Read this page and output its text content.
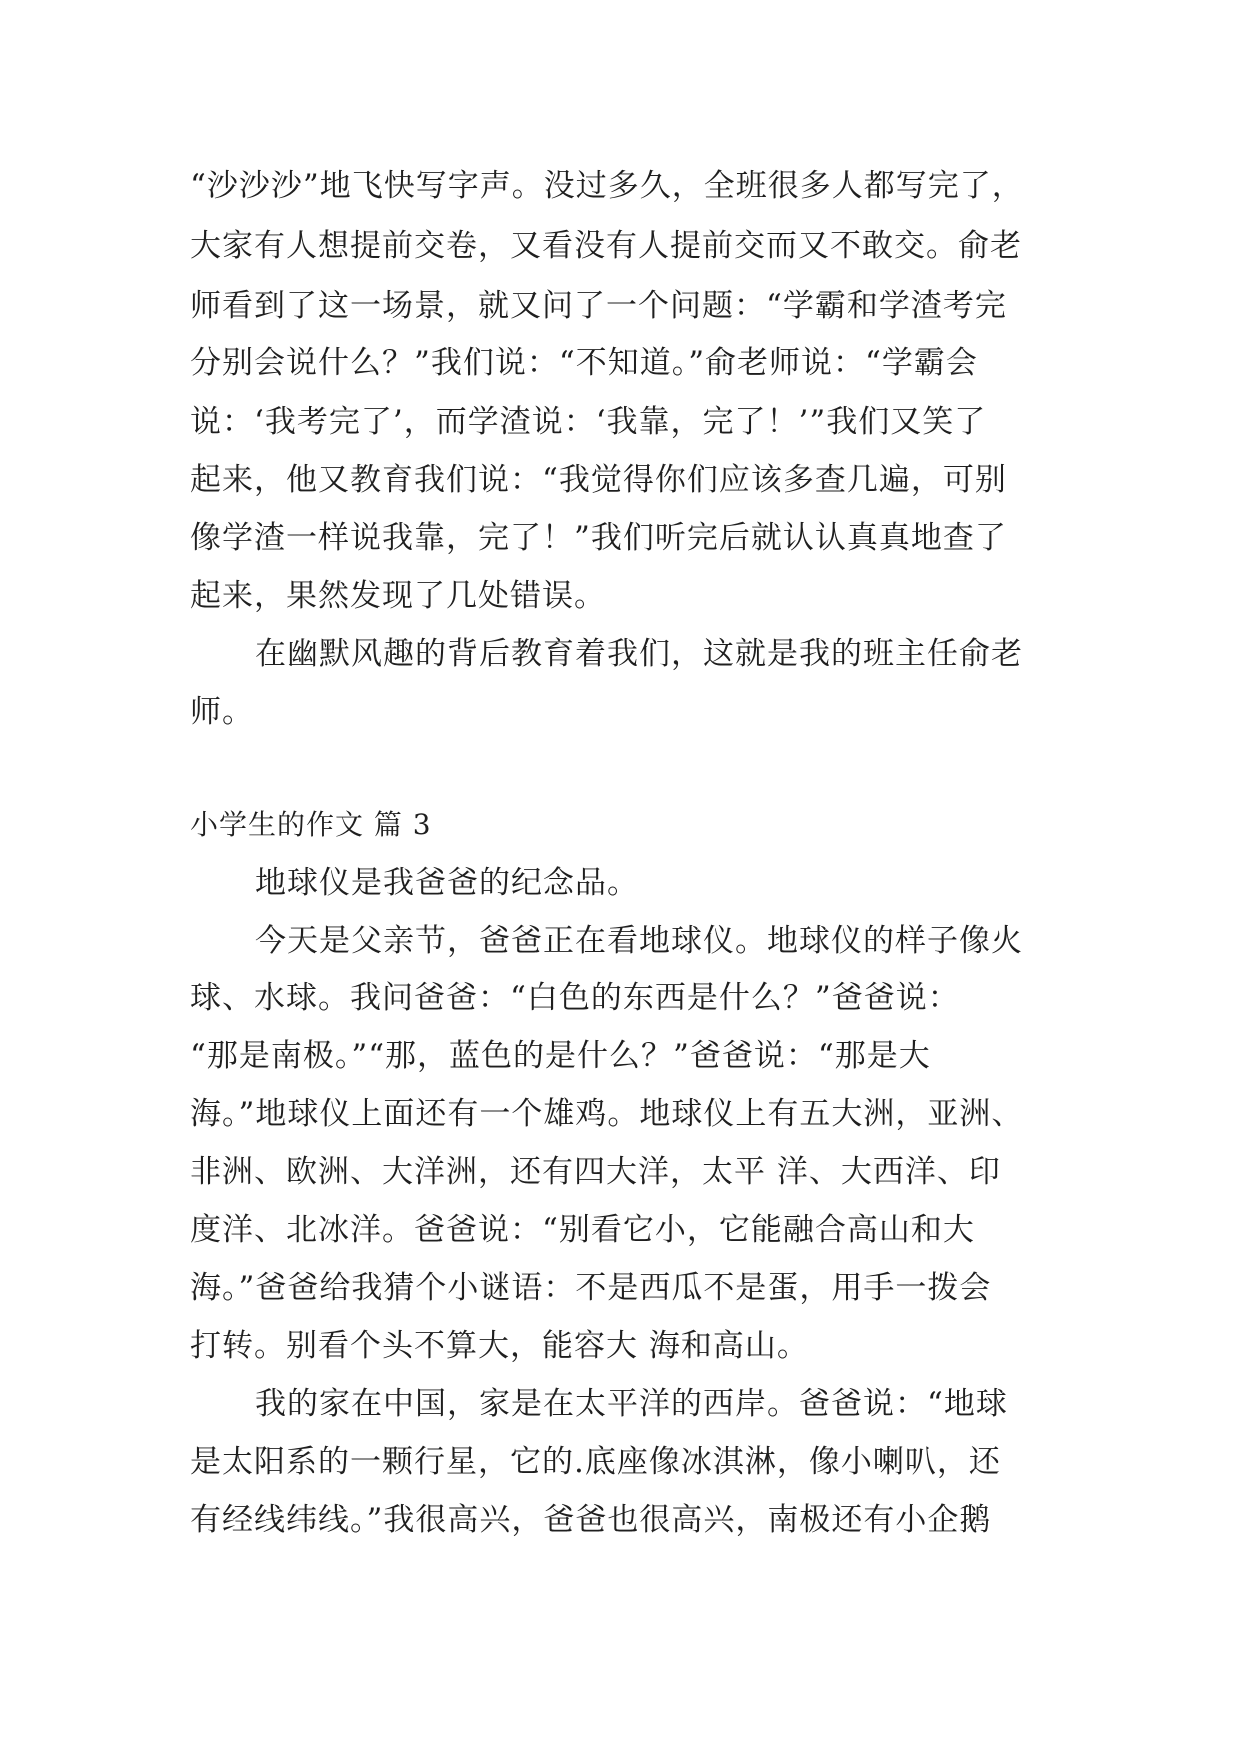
“沙沙沙”地飞快写字声。没过多久，全班很多人都写完了，
大家有人想提前交卷，又看没有人提前交而又不敢交。俞老
师看到了这一场景，就又问了一个问题：“学霸和学渣考完
分别会说什么？”我们说：“不知道。”俞老师说：“学霸会
说：‘我考完了’，而学渣说：‘我靠，完了！’”我们又笑了
起来，他又教育我们说：“我觉得你们应该多查几遍，可别
像学渣一样说我靠，完了！”我们听完后就认认真真地查了
起来，果然发现了几处错误。
在幽默风趣的背后教育着我们，这就是我的班主任俞老
师。
小学生的作文 篇 3
地球仪是我爸爸的纪念品。
今天是父亲节，爸爸正在看地球仪。地球仪的样子像火
球、水球。我问爸爸：“白色的东西是什么？”爸爸说：
“那是南极。”“那，蓝色的是什么？”爸爸说：“那是大
海。”地球仪上面还有一个雄鸡。地球仪上有五大洲，亚洲、
非洲、欧洲、大洋洲，还有四大洋，太平 洋、大西洋、印
度洋、北冰洋。爸爸说：“别看它小，它能融合高山和大
海。”爸爸给我猜个小谜语：不是西瓜不是蛋，用手一拨会
打转。别看个头不算大，能容大 海和高山。
我的家在中国，家是在太平洋的西岸。爸爸说：“地球
是太阳系的一颗行星，它的.底座像冰淇淋，像小喇叭，还
有经线纬线。”我很高兴，爸爸也很高兴，南极还有小企鹅
